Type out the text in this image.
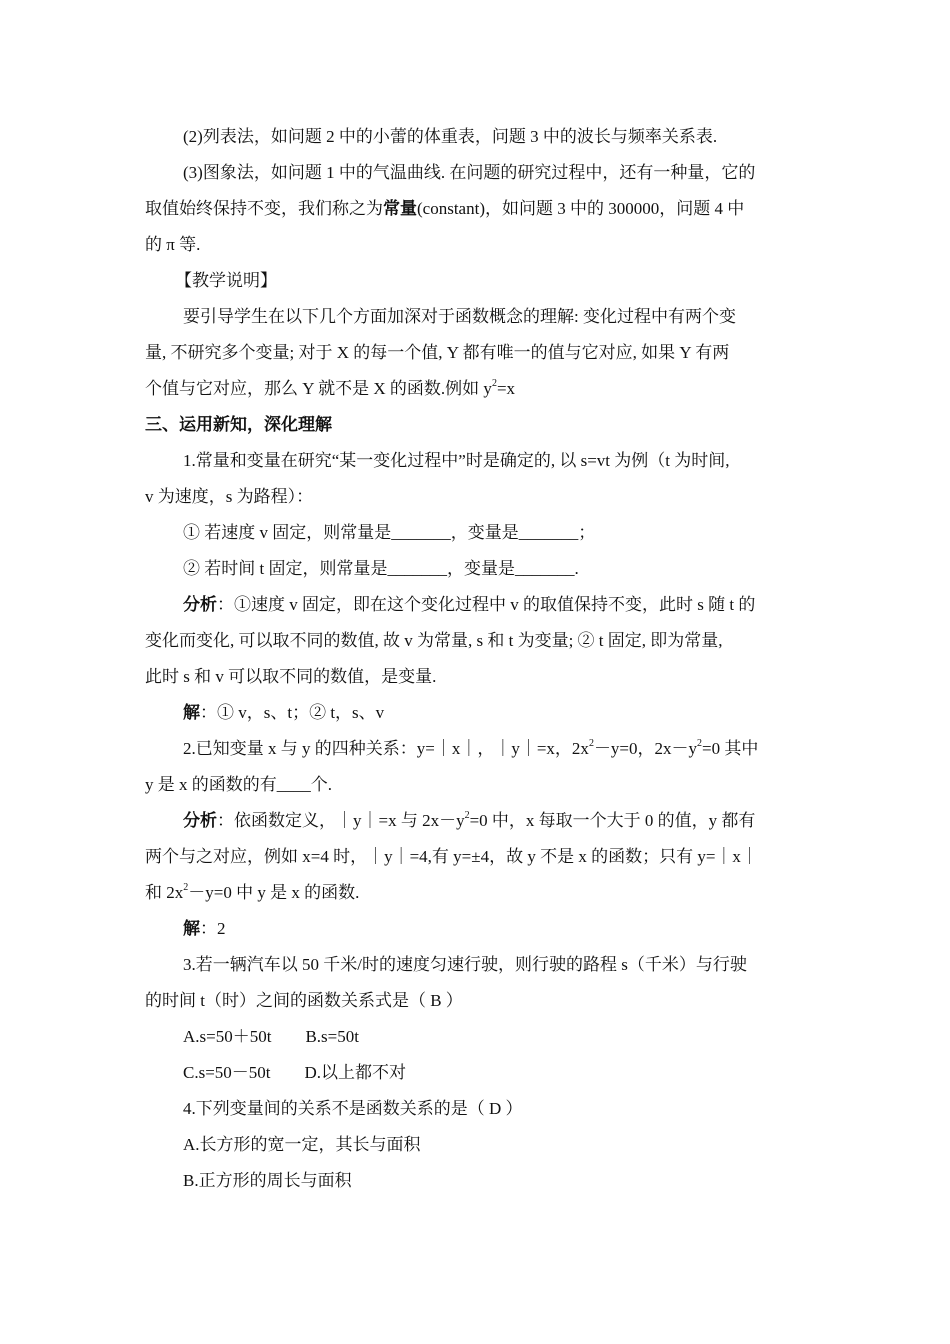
(2)列表法，如问题 2 中的小蕾的体重表，问题 3 中的波长与频率关系表.
(3)图象法，如问题 1 中的气温曲线. 在问题的研究过程中，还有一种量，它的
取值始终保持不变，我们称之为常量(constant)，如问题 3 中的 300000，问题 4 中
的 π 等.
【教学说明】
要引导学生在以下几个方面加深对于函数概念的理解: 变化过程中有两个变
量, 不研究多个变量; 对于 X 的每一个值, Y 都有唯一的值与它对应, 如果 Y 有两
个值与它对应，那么 Y 就不是 X 的函数.例如 $y^2=x$
三、运用新知，深化理解
1.常量和变量在研究“某一变化过程中”时是确定的, 以 s=vt 为例（t 为时间,
v 为速度，s 为路程）：
① 若速度 v 固定，则常量是_______，变量是_______；
② 若时间 t 固定，则常量是_______，变量是_______.
分析：①速度 v 固定，即在这个变化过程中 v 的取值保持不变，此时 s 随 t 的
变化而变化, 可以取不同的数值, 故 v 为常量, s 和 t 为变量; ② t 固定, 即为常量,
此时 s 和 v 可以取不同的数值，是变量.
解：① v，s、t；② t，s、v
2.已知变量 x 与 y 的四种关系：y=｜x｜，｜y｜=x，$2x^2-y=0$，$2x-y^2=0$ 其中
y 是 x 的函数的有____个.
分析：依函数定义，｜y｜=x 与 $2x-y^2=0$ 中，x 每取一个大于 0 的值，y 都有
两个与之对应，例如 x=4 时，｜y｜=4,有 y=±4，故 y 不是 x 的函数；只有 y=｜x｜
和 $2x^2-y=0$ 中 y 是 x 的函数.
解：2
3.若一辆汽车以 50 千米/时的速度匀速行驶，则行驶的路程 s（千米）与行驶
的时间 t（时）之间的函数关系式是（ B ）
A.s=50＋50t　　B.s=50t
C.s=50－50t　　D.以上都不对
4.下列变量间的关系不是函数关系的是（ D ）
A.长方形的宽一定，其长与面积
B.正方形的周长与面积
